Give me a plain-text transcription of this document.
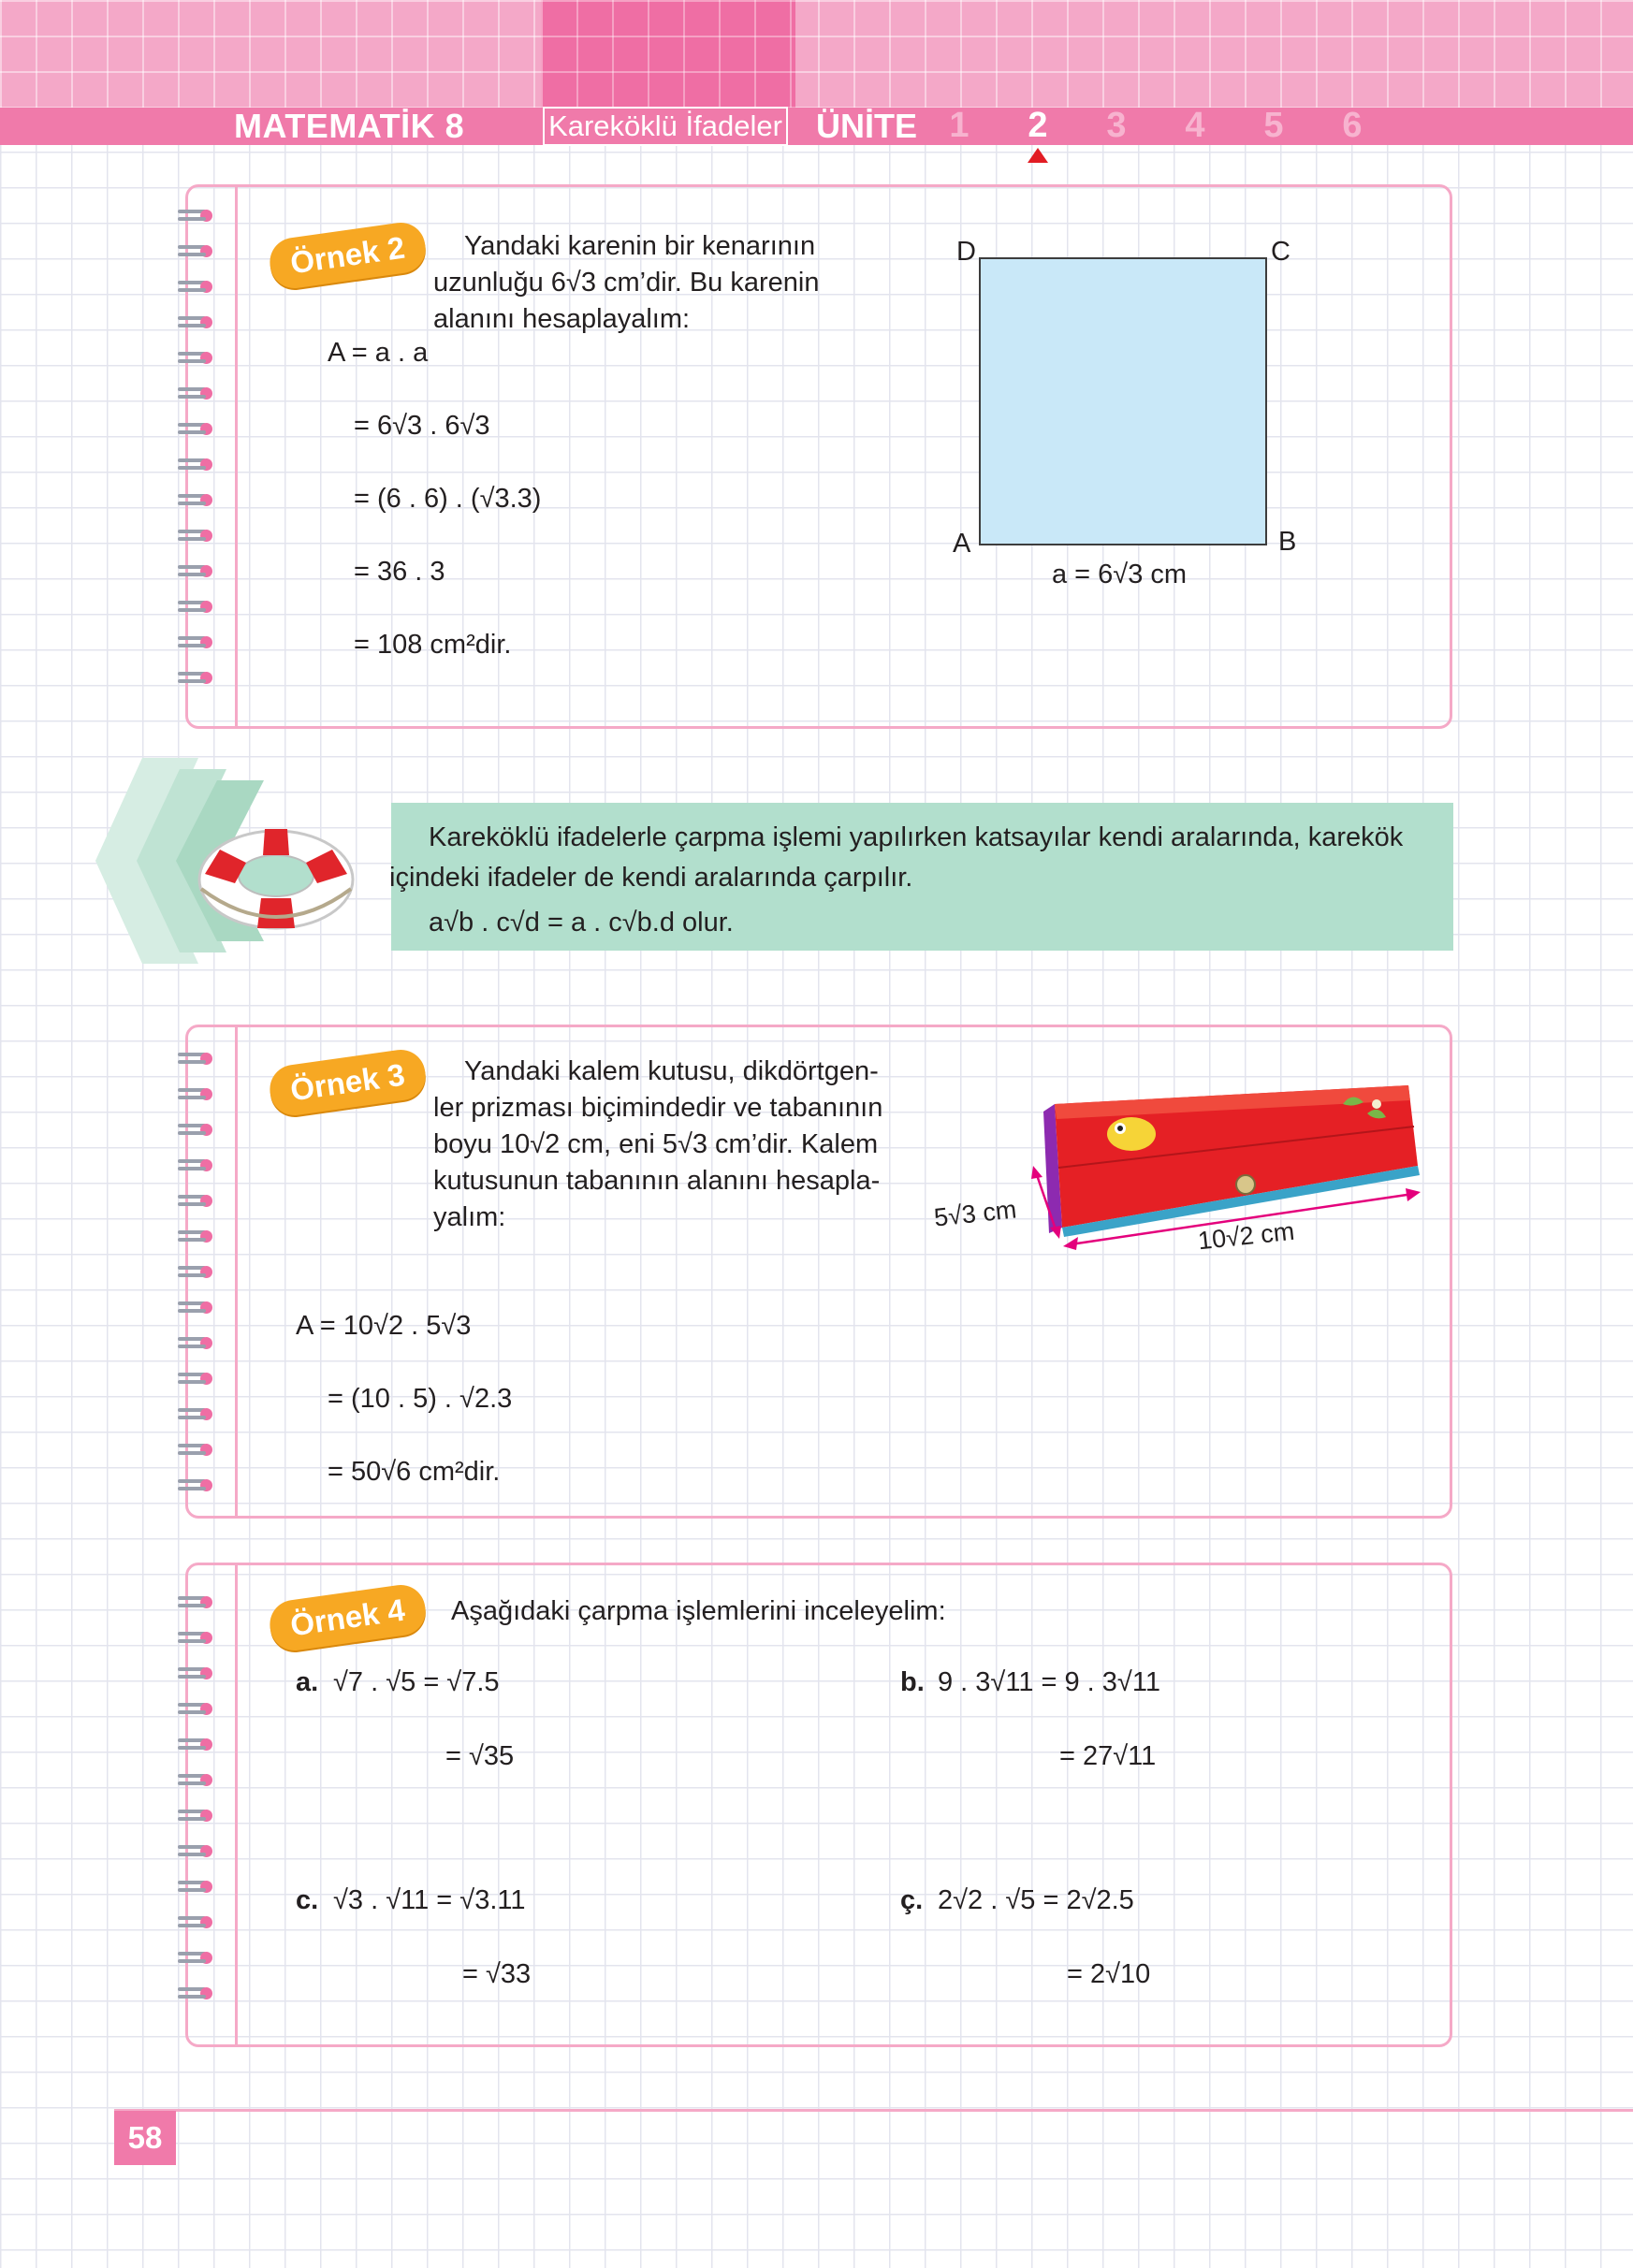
MATEMATİK 8	Kareköklü İfadeler ÜNİTE 1 2 3 4 5 6
Örnek 2	Yandaki karenin bir kenarının
uzunluğu 6√3 cm’dir. Bu karenin
alanını hesaplayalım:
A = a . a
= 6√3 . 6√3
= (6 . 6) . (√3.3)
= 36 . 3
= 108 cm²dir.
D	C
A	B
a = 6√3 cm
Kareköklü ifadelerle çarpma işlemi yapılırken katsayılar kendi aralarında, karekök
içindeki ifadeler de kendi aralarında çarpılır.
a√b . c√d = a . c√b.d olur.
Örnek 3	Yandaki kalem kutusu, dikdörtgen-
ler prizması biçimindedir ve tabanının
boyu 10√2 cm, eni 5√3 cm’dir. Kalem
kutusunun tabanının alanını hesapla-
yalım:	5√3 cm
10√2 cm
A = 10√2 . 5√3
= (10 . 5) . √2.3
= 50√6 cm²dir.
Örnek 4	Aşağıdaki çarpma işlemlerini inceleyelim:
a. √7 . √5 = √7.5
= √35
b. 9 . 3√11 = 9 . 3√11
= 27√11
c. √3 . √11 = √3.11
= √33
ç. 2√2 . √5 = 2√2.5
= 2√10
58
